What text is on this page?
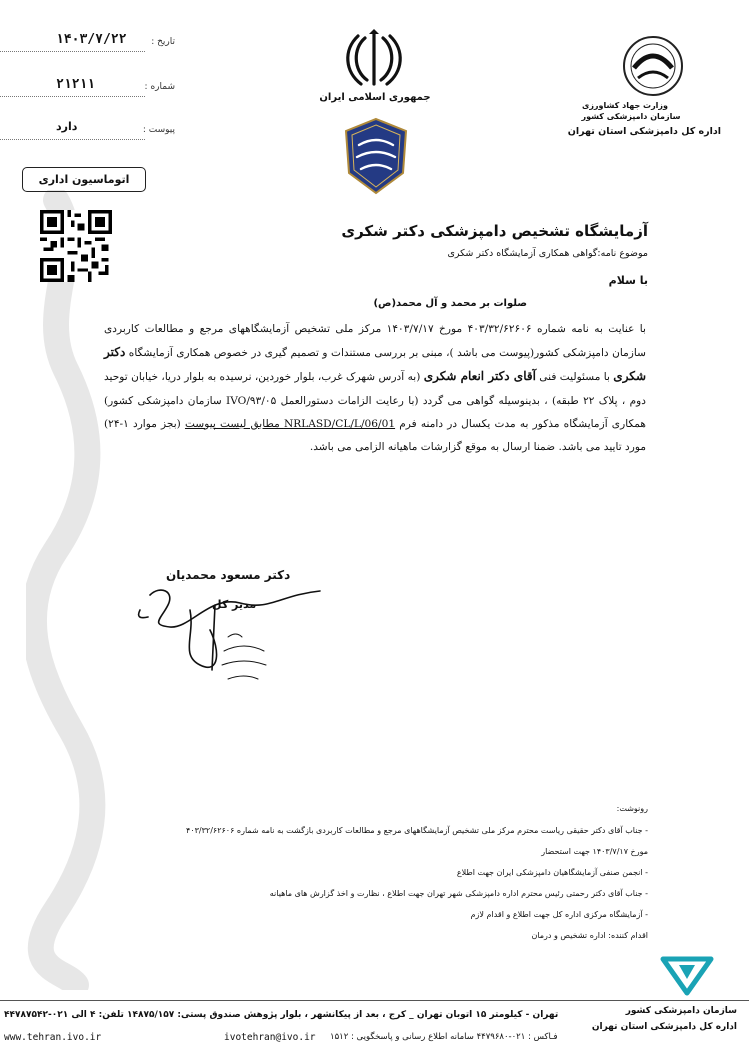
۱۴۰۳/۷/۲۲	تاریخ :
۲۱۲۱۱	شماره :
دارد	پیوست :
اتوماسیون اداری
جمهوری اسلامی ایران
وزارت جهاد کشاورزی
سازمان دامپزشکی کشور
اداره کل دامپزشکی استان تهران
آزمایشگاه تشخیص دامپزشکی دکتر شکری
موضوع نامه:گواهی همکاری آزمایشگاه دکتر شکری
با سلام
صلوات بر محمد و آل محمد(ص)
با عنایت به نامه شماره ۴۰۳/۳۲/۶۲۶۰۶ مورخ ۱۴۰۳/۷/۱۷ مرکز ملی تشخیص آزمایشگاههای مرجع و مطالعات کاربردی سازمان دامپزشکی کشور(پیوست می باشد )، مبنی بر بررسی مستندات و تصمیم گیری در خصوص همکاری آزمایشگاه دکتر شکری با مسئولیت فنی آقای دکتر انعام شکری (به آدرس شهرک غرب، بلوار خوردین، نرسیده به بلوار دریا، خیابان توحید دوم ، پلاک ۲۲ طبقه) ، بدینوسیله گواهی می گردد (با رعایت الزامات دستورالعمل IVO/۹۳/۰۵ سازمان دامپزشکی کشور) همکاری آزمایشگاه مذکور به مدت یکسال در دامنه فرم NRLASD/CL/L/06/01 مطابق لیست پیوست (بجز موارد ۱-۲۴) مورد تایید می باشد. ضمنا ارسال به موقع گزارشات ماهیانه الزامی می باشد.
دکتر مسعود محمدیان
مدیر کل
رونوشت:
- جناب آقای دکتر حقیقی ریاست محترم مرکز ملی تشخیص آزمایشگاههای مرجع و مطالعات کاربردی بازگشت به نامه شماره ۴۰۳/۳۲/۶۲۶۰۶
مورخ ۱۴۰۳/۷/۱۷ جهت استحضار
- انجمن صنفی آزمایشگاهیان دامپزشکی ایران جهت اطلاع
- جناب آقای دکتر رحمتی رئیس محترم اداره دامپزشکی شهر تهران جهت اطلاع ، نظارت و اخذ گزارش های ماهیانه
- آزمایشگاه مرکزی اداره کل جهت اطلاع و اقدام لازم
اقدام کننده: اداره تشخیص و درمان
سازمان دامپزشکی کشور
اداره کل دامپزشکی استان تهران
تهران - کیلومتر ۱۵ اتوبان تهران _ کرج ، بعد از پیکانشهر ، بلوار پژوهش صندوق پستی: ۱۴۸۷۵/۱۵۷ تلفن: ۴ الی ۰۲۱-۴۴۷۸۷۵۴۲
www.tehran.ivo.ir	ivotehran@ivo.ir فـاکس : ۰۲۱-۴۴۷۹۶۸۰ سامانه اطلاع رسانی و پاسخگویی : ۱۵۱۲
